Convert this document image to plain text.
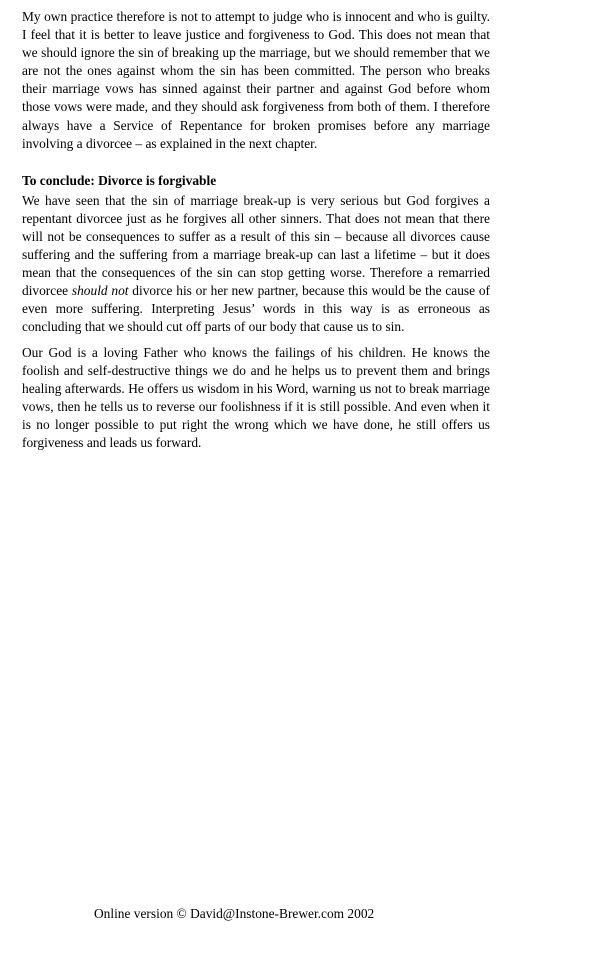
My own practice therefore is not to attempt to judge who is innocent and who is guilty. I feel that it is better to leave justice and forgiveness to God. This does not mean that we should ignore the sin of breaking up the marriage, but we should remember that we are not the ones against whom the sin has been committed. The person who breaks their marriage vows has sinned against their partner and against God before whom those vows were made, and they should ask forgiveness from both of them. I therefore always have a Service of Repentance for broken promises before any marriage involving a divorcee – as explained in the next chapter.

To conclude: Divorce is forgivable

We have seen that the sin of marriage break-up is very serious but God forgives a repentant divorcee just as he forgives all other sinners. That does not mean that there will not be consequences to suffer as a result of this sin – because all divorces cause suffering and the suffering from a marriage break-up can last a lifetime – but it does mean that the consequences of the sin can stop getting worse. Therefore a remarried divorcee should not divorce his or her new partner, because this would be the cause of even more suffering. Interpreting Jesus’ words in this way is as erroneous as concluding that we should cut off parts of our body that cause us to sin.

Our God is a loving Father who knows the failings of his children. He knows the foolish and self-destructive things we do and he helps us to prevent them and brings healing afterwards. He offers us wisdom in his Word, warning us not to break marriage vows, then he tells us to reverse our foolishness if it is still possible. And even when it is no longer possible to put right the wrong which we have done, he still offers us forgiveness and leads us forward.

Online version © David@Instone-Brewer.com 2002
